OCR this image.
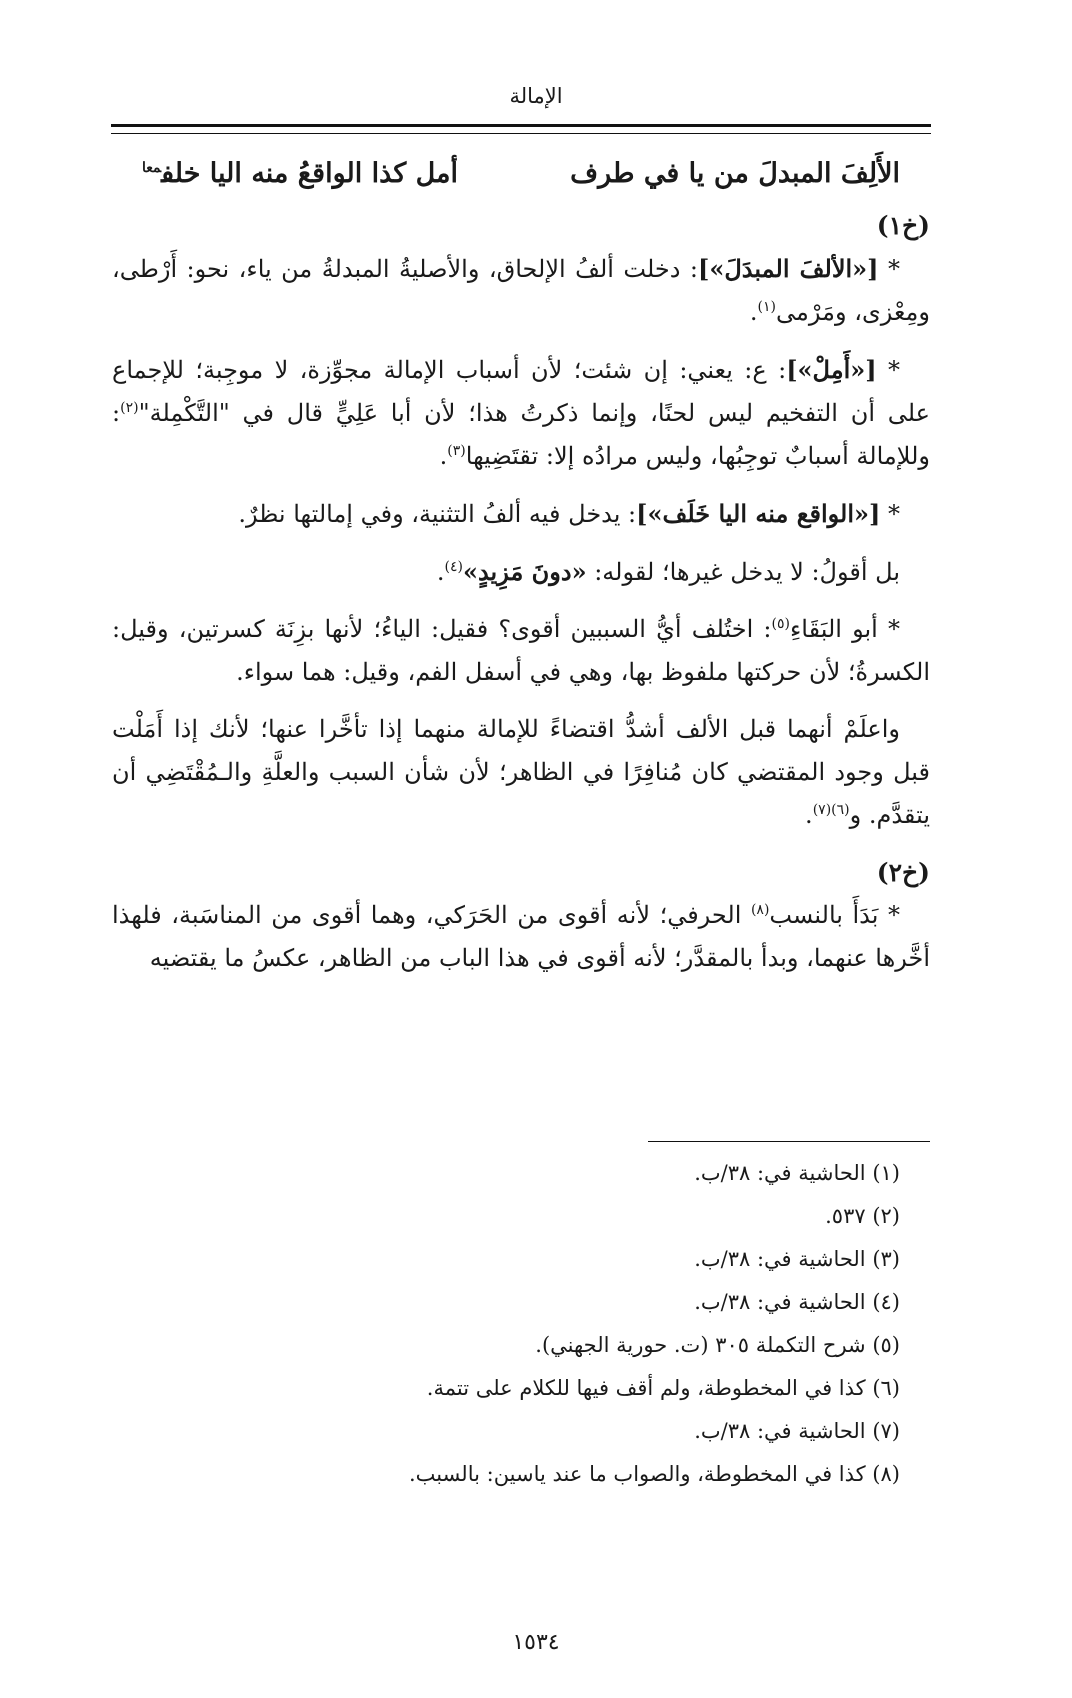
الإمالة
الأَلِفَ المبدلَ من يا في طرف
أمل كذا الواقعُ منه اليا خلف$^{معا}$
(خ١)

* [«الألفَ المبدَلَ»]: دخلت ألفُ الإلحاق، والأصليةُ المبدلةُ من ياء، نحو: أَرْطى، ومِعْزى، ومَرْمى$^{(١)}$.

* [«أَمِلْ»]: ع: يعني: إن شئت؛ لأن أسباب الإمالة مجوِّزة، لا موجِبة؛ للإجماع على أن التفخيم ليس لحنًا، وإنما ذكرتُ هذا؛ لأن أبا عَلِيٍّ قال في "التَّكْمِلة"$^{(٢)}$: وللإمالة أسبابٌ توجِبُها، وليس مرادُه إلا: تقتَضِيها$^{(٣)}$.

* [«الواقع منه اليا خَلَف»]: يدخل فيه ألفُ التثنية، وفي إمالتها نظرٌ.

بل أقولُ: لا يدخل غيرها؛ لقوله: «دونَ مَزِيدٍ»$^{(٤)}$.

* أبو البَقَاءِ$^{(٥)}$: اختُلف أيُّ السببين أقوى؟ فقيل: الياءُ؛ لأنها بزِنَة كسرتين، وقيل: الكسرةُ؛ لأن حركتها ملفوظ بها، وهي في أسفل الفم، وقيل: هما سواء.

واعلَمْ أنهما قبل الألف أشدُّ اقتضاءً للإمالة منهما إذا تأخَّرا عنها؛ لأنك إذا أَمَلْت قبل وجود المقتضي كان مُنافِرًا في الظاهر؛ لأن شأن السبب والعلَّةِ والـمُقْتَضِي أن يتقدَّم. و$^{(٦)(٧)}$.

(خ٢)

* بَدَأَ بالنسب$^{(٨)}$ الحرفي؛ لأنه أقوى من الحَرَكي، وهما أقوى من المناسَبة، فلهذا أخَّرها عنهما، وبدأ بالمقدَّر؛ لأنه أقوى في هذا الباب من الظاهر، عكسُ ما يقتضيه

(١) الحاشية في: ٣٨/ب.
(٢) ٥٣٧.
(٣) الحاشية في: ٣٨/ب.
(٤) الحاشية في: ٣٨/ب.
(٥) شرح التكملة ٣٠٥ (ت. حورية الجهني).
(٦) كذا في المخطوطة، ولم أقف فيها للكلام على تتمة.
(٧) الحاشية في: ٣٨/ب.
(٨) كذا في المخطوطة، والصواب ما عند ياسين: بالسبب.
١٥٣٤
